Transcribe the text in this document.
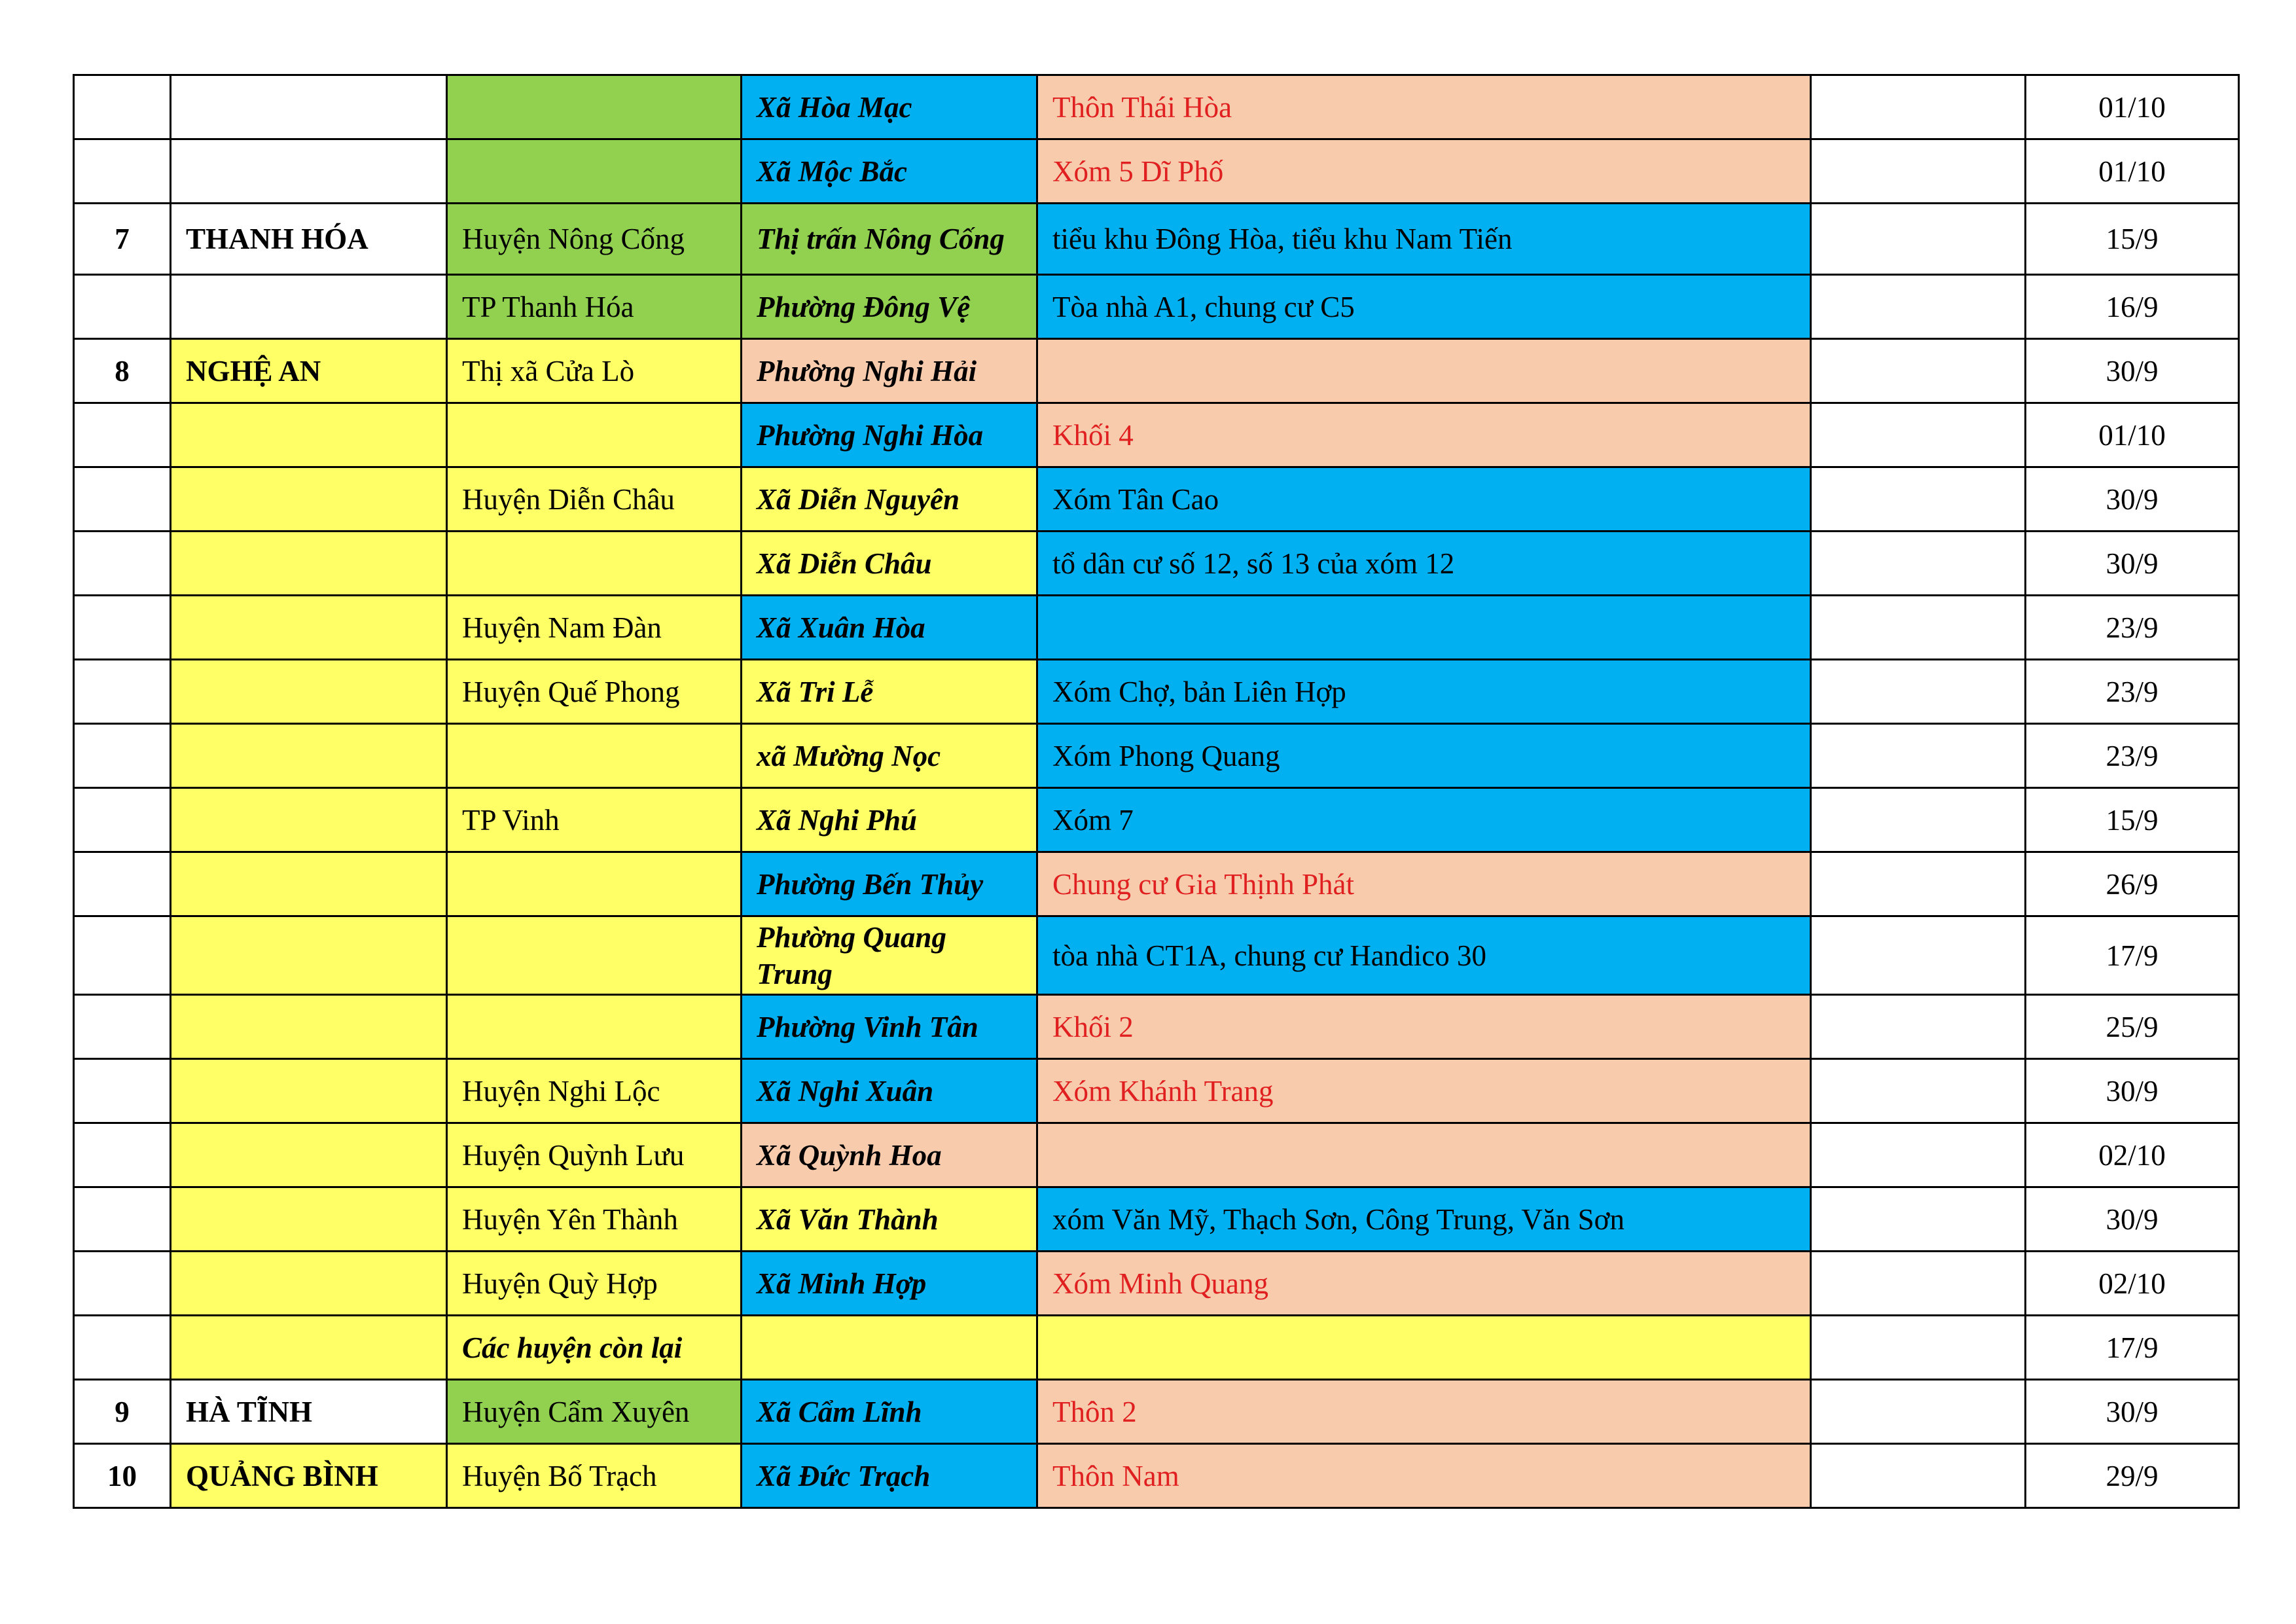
			Xã Hòa Mạc	Thôn Thái Hòa		01/10
			Xã Mộc Bắc	Xóm 5 Dĩ Phố		01/10
7	THANH HÓA	Huyện Nông Cống	Thị trấn Nông Cống	tiểu khu Đông Hòa, tiểu khu Nam Tiến		15/9
		TP Thanh Hóa	Phường Đông Vệ	Tòa nhà A1, chung cư C5		16/9
8	NGHỆ AN	Thị xã Cửa Lò	Phường Nghi Hải			30/9
			Phường Nghi Hòa	Khối 4		01/10
		Huyện Diễn Châu	Xã Diễn Nguyên	Xóm Tân Cao		30/9
			Xã Diễn Châu	tổ dân cư số 12, số 13 của xóm 12		30/9
		Huyện Nam Đàn	Xã Xuân Hòa			23/9
		Huyện Quế Phong	Xã Tri Lễ	Xóm Chợ, bản Liên Hợp		23/9
			xã Mường Nọc	Xóm Phong Quang		23/9
		TP Vinh	Xã Nghi Phú	Xóm 7		15/9
			Phường Bến Thủy	Chung cư Gia Thịnh Phát		26/9
			Phường Quang Trung	tòa nhà CT1A, chung cư Handico 30		17/9
			Phường Vinh Tân	Khối 2		25/9
		Huyện Nghi Lộc	Xã Nghi Xuân	Xóm Khánh Trang		30/9
		Huyện Quỳnh Lưu	Xã Quỳnh Hoa			02/10
		Huyện Yên Thành	Xã Văn Thành	xóm Văn Mỹ, Thạch Sơn, Công Trung, Văn Sơn		30/9
		Huyện Quỳ Hợp	Xã Minh Hợp	Xóm Minh Quang		02/10
		Các huyện còn lại				17/9
9	HÀ TĨNH	Huyện Cẩm Xuyên	Xã Cẩm Lĩnh	Thôn 2		30/9
10	QUẢNG BÌNH	Huyện Bố Trạch	Xã Đức Trạch	Thôn Nam		29/9
